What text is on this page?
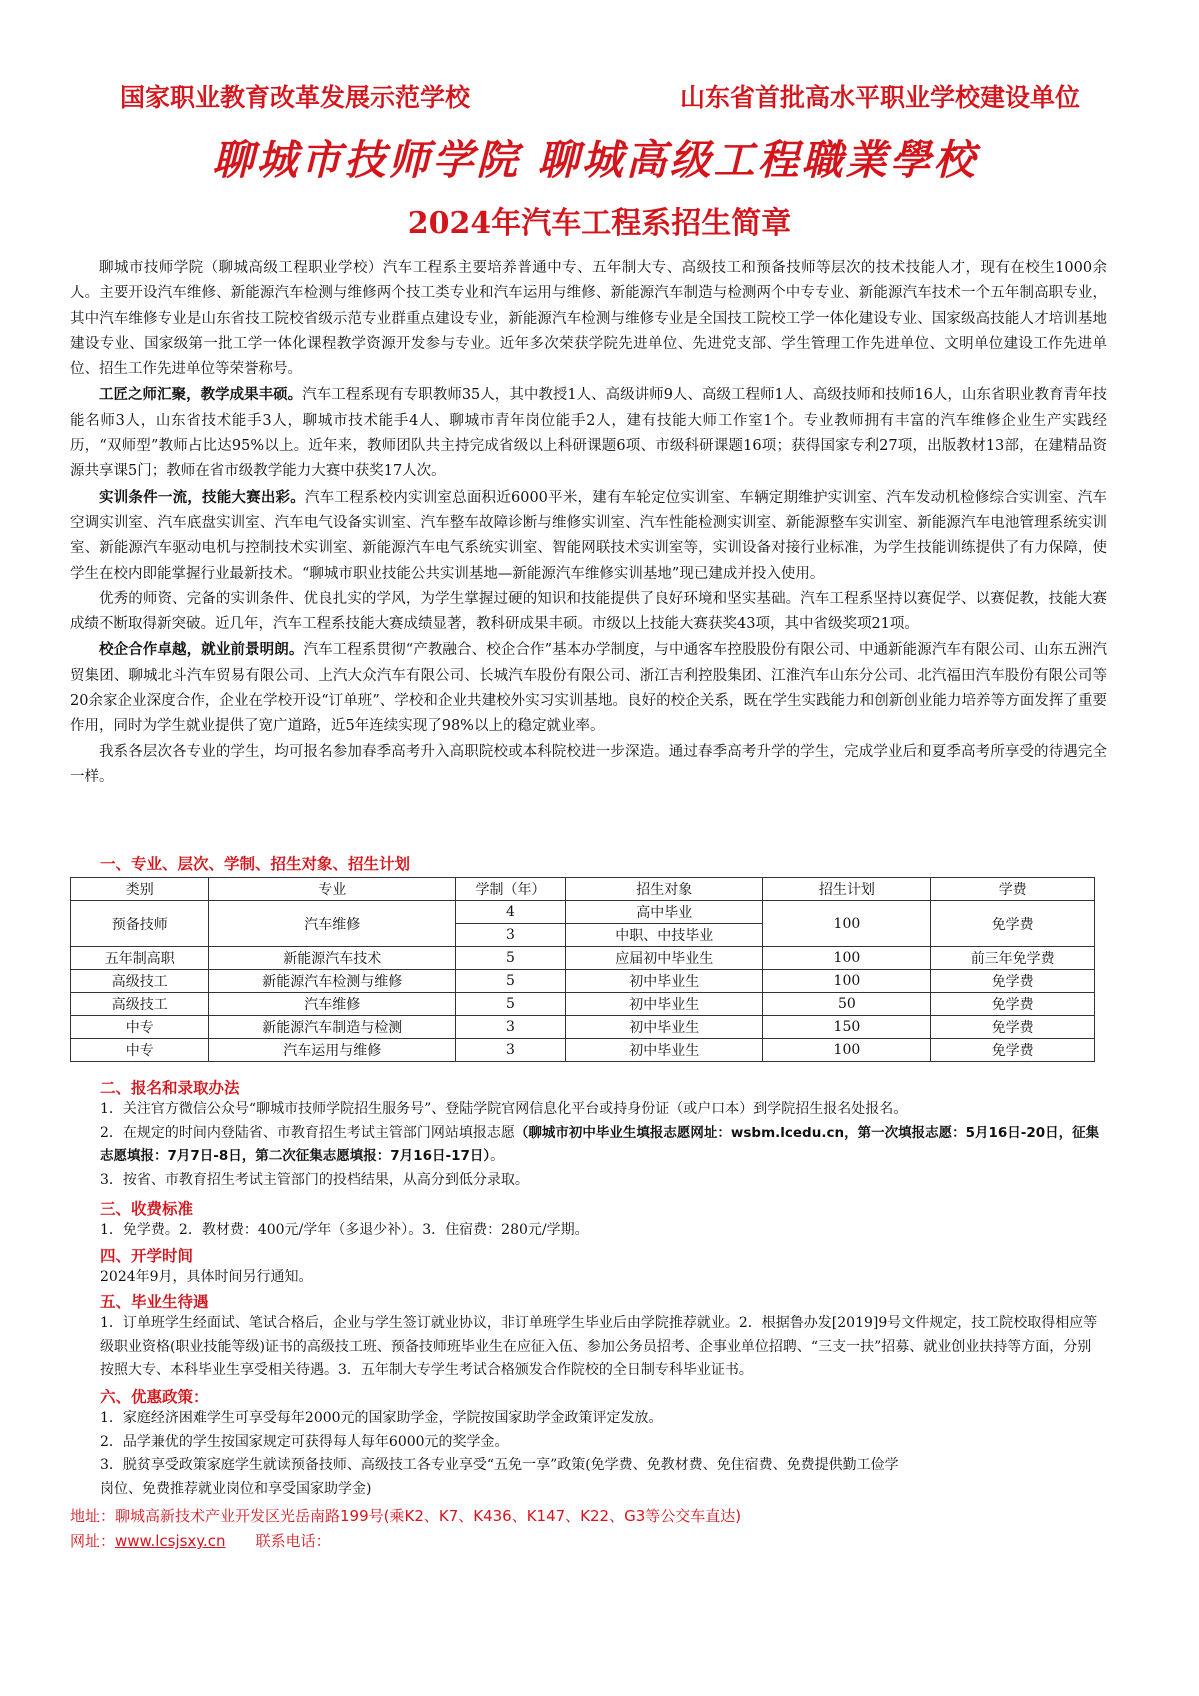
国家职业教育改革发展示范学校	山东省首批高水平职业学校建设单位
聊城市技师学院 聊城高级工程職業學校
2024年汽车工程系招生简章

聊城市技师学院（聊城高级工程职业学校）汽车工程系主要培养普通中专、五年制大专、高级技工和预备技师等层次的技术技能人才，现有在校生1000余人。主要开设汽车维修、新能源汽车检测与维修两个技工类专业和汽车运用与维修、新能源汽车制造与检测两个中专专业、新能源汽车技术一个五年制高职专业，其中汽车维修专业是山东省技工院校省级示范专业群重点建设专业，新能源汽车检测与维修专业是全国技工院校工学一体化建设专业、国家级高技能人才培训基地建设专业、国家级第一批工学一体化课程教学资源开发参与专业。近年多次荣获学院先进单位、先进党支部、学生管理工作先进单位、文明单位建设工作先进单位、招生工作先进单位等荣誉称号。

工匠之师汇聚，教学成果丰硕。汽车工程系现有专职教师35人，其中教授1人、高级讲师9人、高级工程师1人、高级技师和技师16人，山东省职业教育青年技能名师3人，山东省技术能手3人，聊城市技术能手4人、聊城市青年岗位能手2人，建有技能大师工作室1个。专业教师拥有丰富的汽车维修企业生产实践经历，“双师型”教师占比达95%以上。近年来，教师团队共主持完成省级以上科研课题6项、市级科研课题16项；获得国家专利27项，出版教材13部，在建精品资源共享课5门；教师在省市级教学能力大赛中获奖17人次。

实训条件一流，技能大赛出彩。汽车工程系校内实训室总面积近6000平米，建有车轮定位实训室、车辆定期维护实训室、汽车发动机检修综合实训室、汽车空调实训室、汽车底盘实训室、汽车电气设备实训室、汽车整车故障诊断与维修实训室、汽车性能检测实训室、新能源整车实训室、新能源汽车电池管理系统实训室、新能源汽车驱动电机与控制技术实训室、新能源汽车电气系统实训室、智能网联技术实训室等，实训设备对接行业标准，为学生技能训练提供了有力保障，使学生在校内即能掌握行业最新技术。“聊城市职业技能公共实训基地—新能源汽车维修实训基地”现已建成并投入使用。

优秀的师资、完备的实训条件、优良扎实的学风，为学生掌握过硬的知识和技能提供了良好环境和坚实基础。汽车工程系坚持以赛促学、以赛促教，技能大赛成绩不断取得新突破。近几年，汽车工程系技能大赛成绩显著，教科研成果丰硕。市级以上技能大赛获奖43项，其中省级奖项21项。

校企合作卓越，就业前景明朗。汽车工程系贯彻“产教融合、校企合作”基本办学制度，与中通客车控股股份有限公司、中通新能源汽车有限公司、山东五洲汽贸集团、聊城北斗汽车贸易有限公司、上汽大众汽车有限公司、长城汽车股份有限公司、浙江吉利控股集团、江淮汽车山东分公司、北汽福田汽车股份有限公司等20余家企业深度合作，企业在学校开设“订单班”、学校和企业共建校外实习实训基地。良好的校企关系，既在学生实践能力和创新创业能力培养等方面发挥了重要作用，同时为学生就业提供了宽广道路，近5年连续实现了98%以上的稳定就业率。

我系各层次各专业的学生，均可报名参加春季高考升入高职院校或本科院校进一步深造。通过春季高考升学的学生，完成学业后和夏季高考所享受的待遇完全一样。

一、专业、层次、学制、招生对象、招生计划
类别	专业	学制（年）	招生对象	招生计划	学费
预备技师	汽车维修	4	高中毕业	100	免学费
		3	中职、中技毕业		
五年制高职	新能源汽车技术	5	应届初中毕业生	100	前三年免学费
高级技工	新能源汽车检测与维修	5	初中毕业生	100	免学费
高级技工	汽车维修	5	初中毕业生	50	免学费
中专	新能源汽车制造与检测	3	初中毕业生	150	免学费
中专	汽车运用与维修	3	初中毕业生	100	免学费
二、报名和录取办法

1．关注官方微信公众号“聊城市技师学院招生服务号”、登陆学院官网信息化平台或持身份证（或户口本）到学院招生报名处报名。

2．在规定的时间内登陆省、市教育招生考试主管部门网站填报志愿（聊城市初中毕业生填报志愿网址：wsbm.lcedu.cn，第一次填报志愿：5月16日-20日，征集志愿填报：7月7日-8日，第二次征集志愿填报：7月16日-17日）。

3．按省、市教育招生考试主管部门的投档结果，从高分到低分录取。

三、收费标准

1．免学费。2．教材费：400元/学年（多退少补）。3．住宿费：280元/学期。

四、开学时间

2024年9月，具体时间另行通知。

五、毕业生待遇

1．订单班学生经面试、笔试合格后，企业与学生签订就业协议，非订单班学生毕业后由学院推荐就业。2．根据鲁办发[2019]9号文件规定，技工院校取得相应等级职业资格(职业技能等级)证书的高级技工班、预备技师班毕业生在应征入伍、参加公务员招考、企事业单位招聘、“三支一扶”招募、就业创业扶持等方面，分别按照大专、本科毕业生享受相关待遇。3．五年制大专学生考试合格颁发合作院校的全日制专科毕业证书。

六、优惠政策：

1．家庭经济困难学生可享受每年2000元的国家助学金，学院按国家助学金政策评定发放。

2．品学兼优的学生按国家规定可获得每人每年6000元的奖学金。

3．脱贫享受政策家庭学生就读预备技师、高级技工各专业享受“五免一享”政策(免学费、免教材费、免住宿费、免费提供勤工俭学

岗位、免费推荐就业岗位和享受国家助学金)

地址：聊城高新技术产业开发区光岳南路199号(乘K2、K7、K436、K147、K22、G3等公交车直达)
网址：www.lcsjsxy.cn 联系电话：
